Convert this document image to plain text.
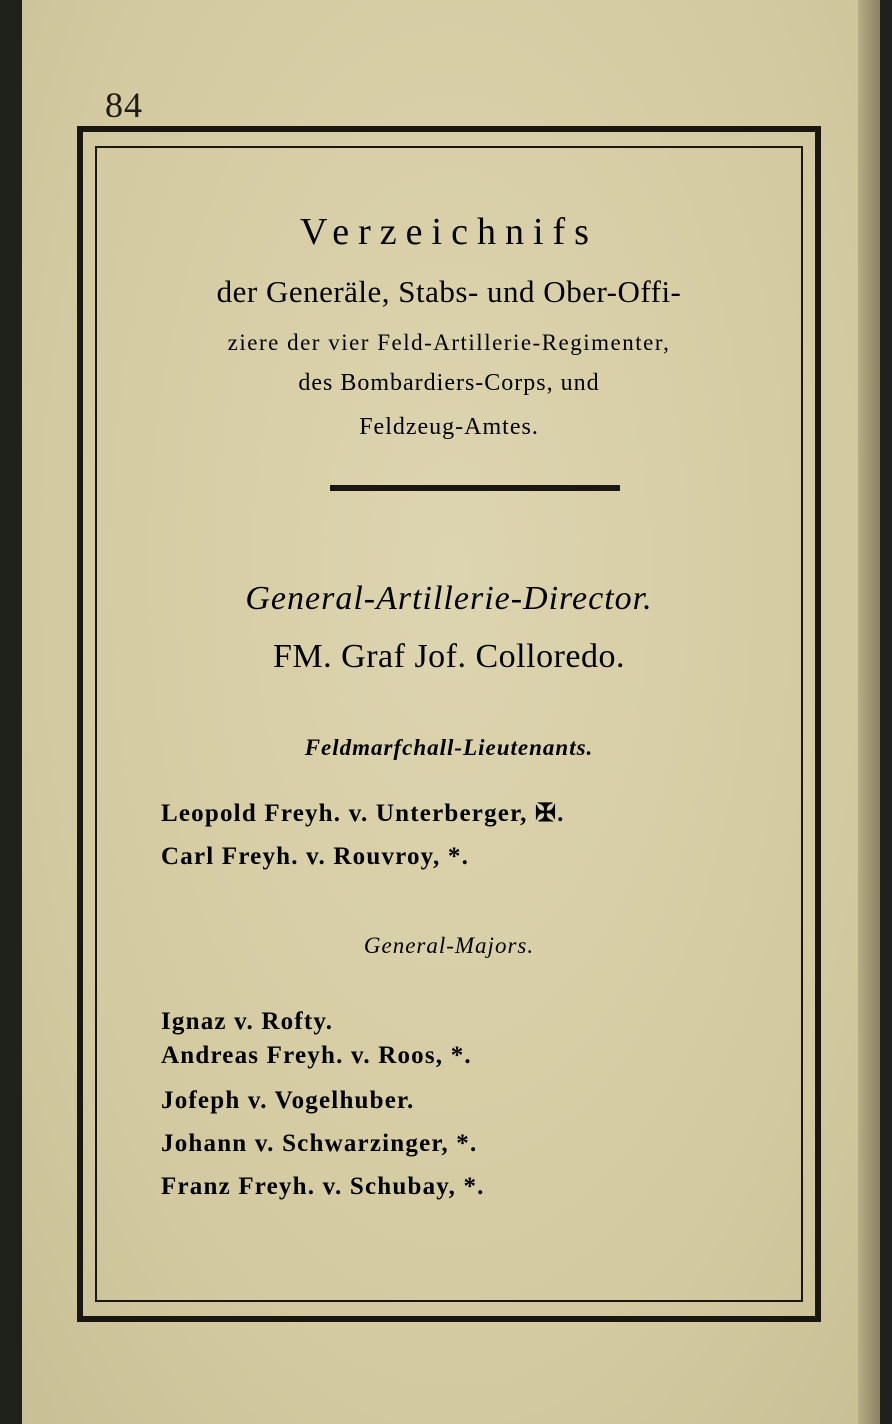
84
Verzeichnifs
der Generäle, Stabs- und Ober-Offi-
ziere der vier Feld-Artillerie-Regimenter,
des Bombardiers-Corps, und
Feldzeug-Amtes.
General-Artillerie-Director.
FM. Graf Jof. Colloredo.
Feldmarfchall-Lieutenants.
Leopold Freyh. v. Unterberger, ✠.
Carl Freyh. v. Rouvroy, *.
General-Majors.
Ignaz v. Rofty.
Andreas Freyh. v. Roos, *.
Jofeph v. Vogelhuber.
Johann v. Schwarzinger, *.
Franz Freyh. v. Schubay, *.
